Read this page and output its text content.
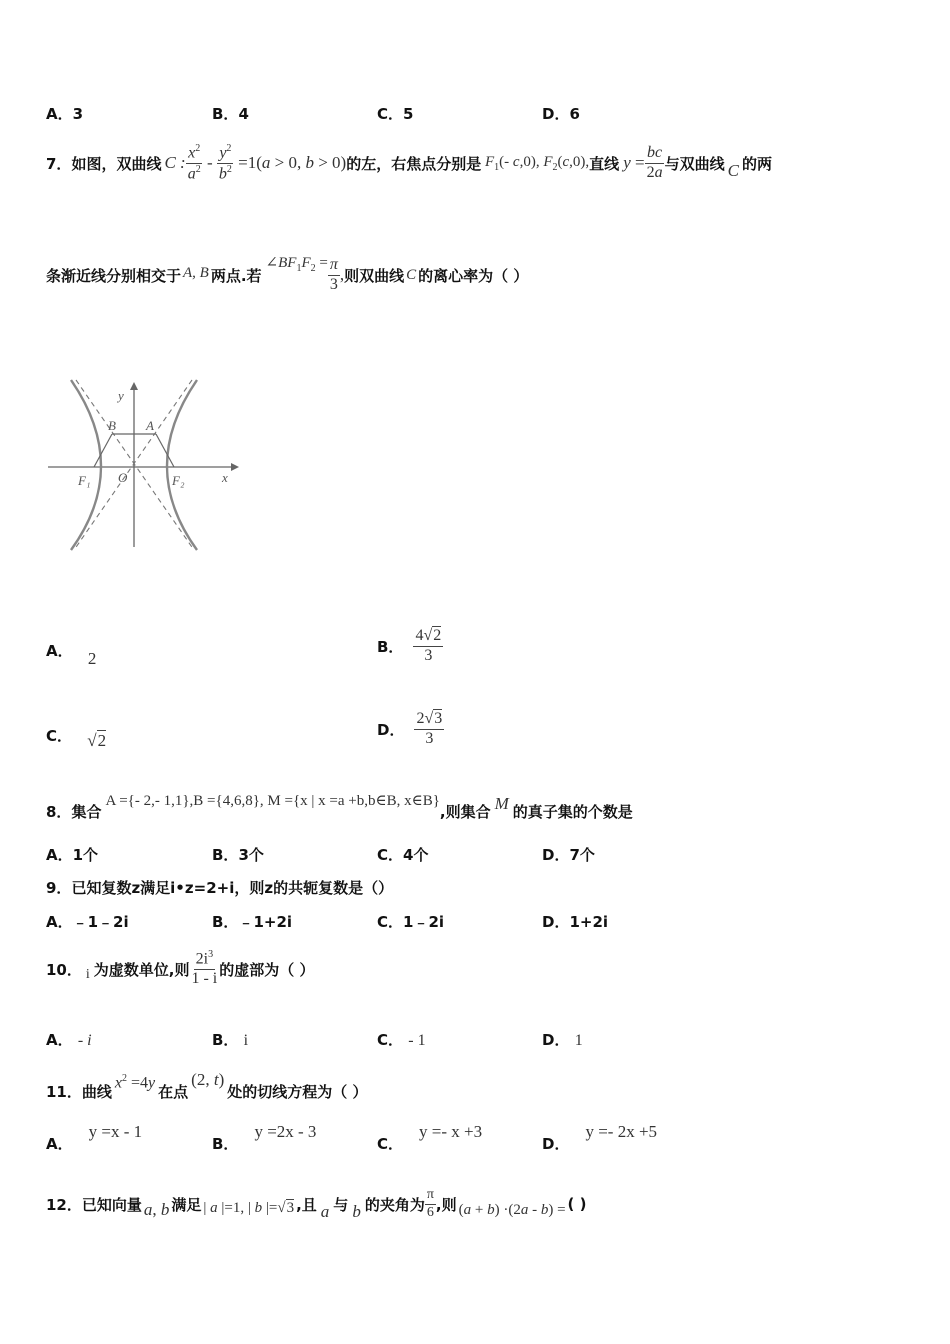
A．3	B．4	C．5	D．6
7． 如图，双曲线 C : $\frac{x^2}{a^2} - \frac{y^2}{b^2} =1(a > 0$, b > 0) 的左，右焦点分别是 $F_1(-$ c,0), $F_2(c,0)$, 直线 $y = \frac{bc}{2a}$ 与双曲线 C 的两
条渐近线分别相交于 A, B 两点.若
$\angle BF_1F_2 = \frac{\pi}{3}$ , 则双曲线 C 的离心率为（ ）
y
B A
O	x
F₁	F₂
A． 2
B． $\frac{4√2}{3}$
C． √2
D． $\frac{2√3}{3}$
8． 集合
A ={- 2,- 1,1},B ={4,6,8}, M ={x | x =a +b,b∈B, x∈B}
,则集合 M 的真子集的个数是
A．1个	B．3个	C．4个	D．7个
9．已知复数z满足i•z=2+i，则z的共轭复数是（）
A．﹣1﹣2i	B．﹣1+2i	C．1﹣2i	D．1+2i
10． i 为虚数单位,则 $\frac{2i^3}{1 - i}$ 的虚部为（ ）
A． - i	B． i	C． - 1	D． 1
11． 曲线
$x^2 =4y$
在点
(2, t)
处的切线方程为（ ）
A．
y =x - 1
B．
y =2x - 3
C．
y =- x +3
D．
y =- 2x +5
12． 已知向量 a, b 满足 | a |=1, | b |=√3 ,且 a 与 b 的夹角为 $\frac{\pi}{6}$ ,则 (a + b) ·(2a - b) = ( )
